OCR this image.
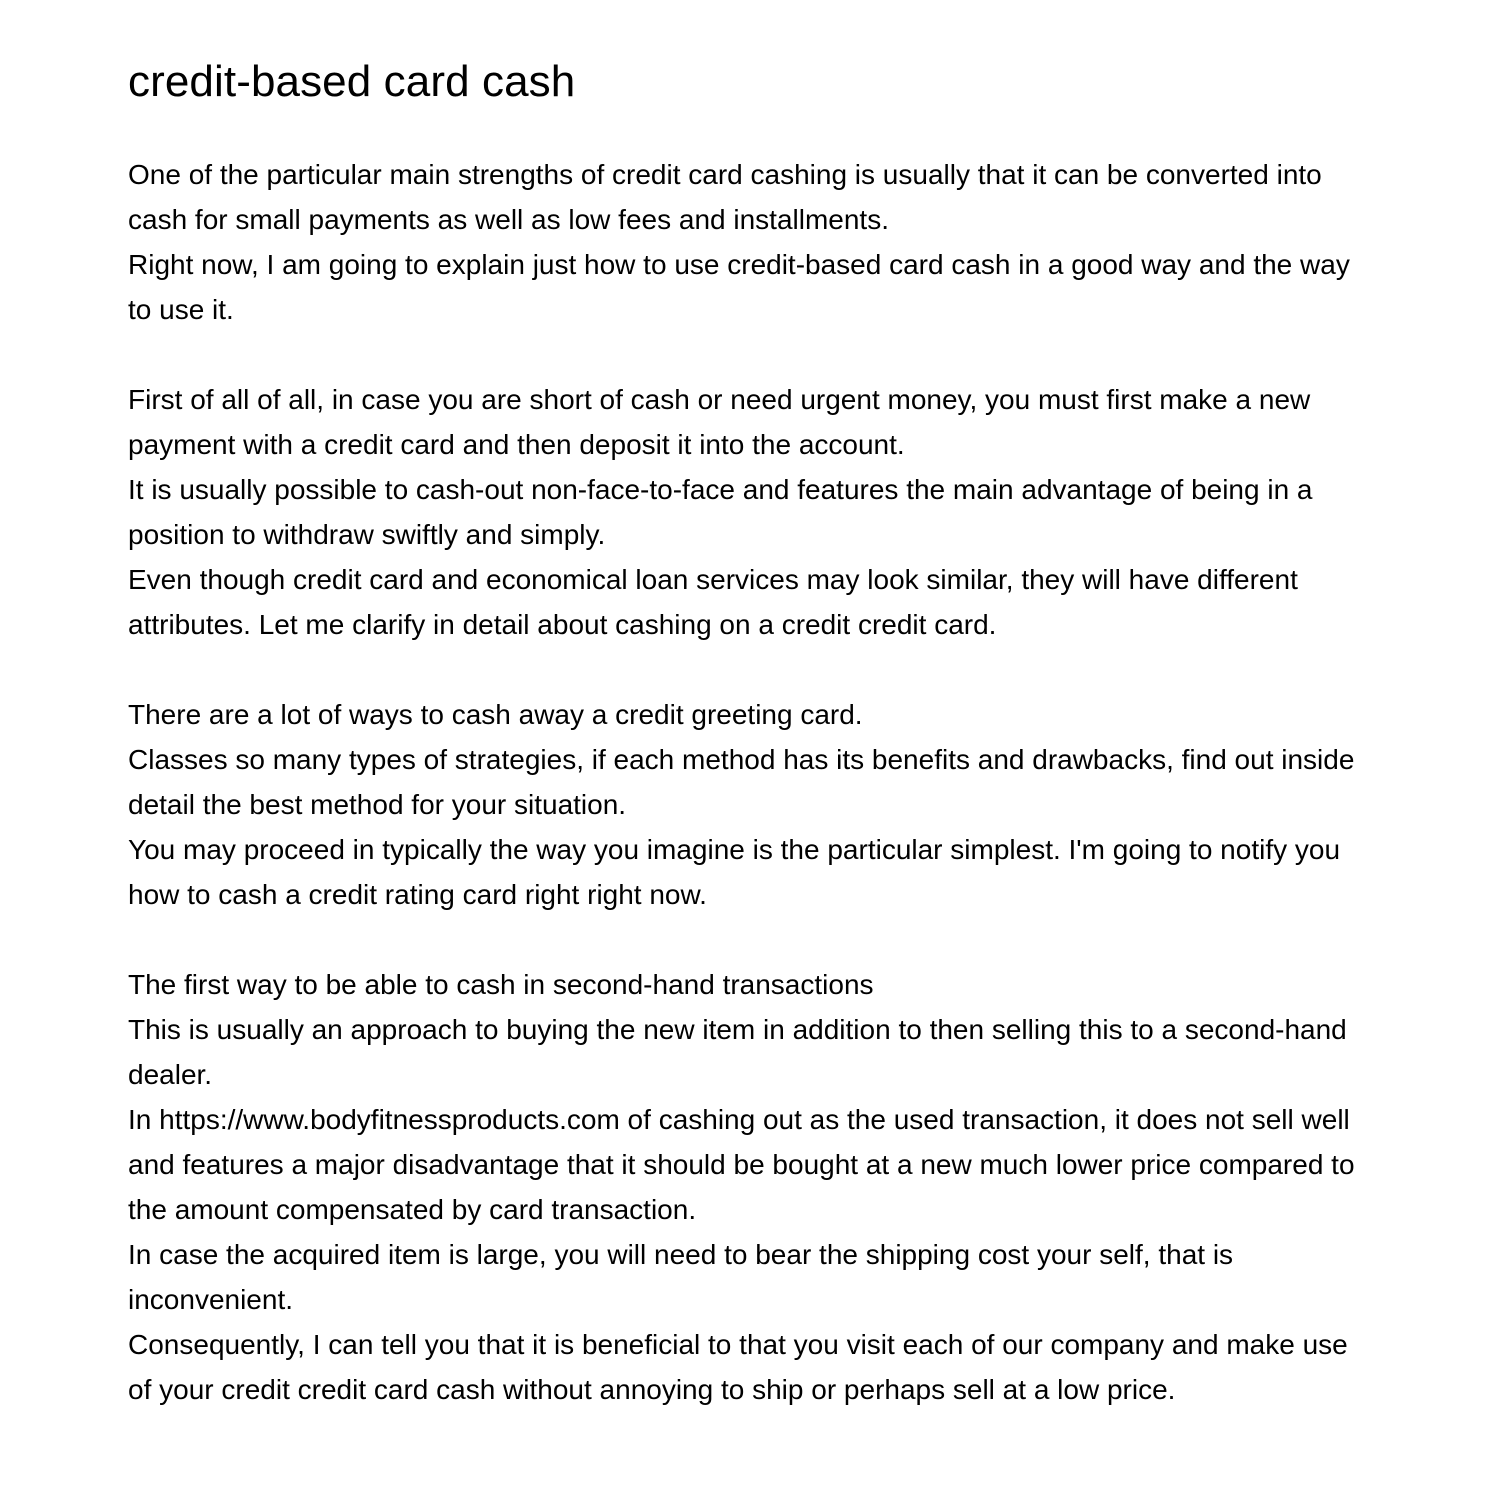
credit-based card cash

One of the particular main strengths of credit card cashing is usually that it can be converted into cash for small payments as well as low fees and installments.

Right now, I am going to explain just how to use credit-based card cash in a good way and the way to use it.

First of all of all, in case you are short of cash or need urgent money, you must first make a new payment with a credit card and then deposit it into the account.

It is usually possible to cash-out non-face-to-face and features the main advantage of being in a position to withdraw swiftly and simply.

Even though credit card and economical loan services may look similar, they will have different attributes. Let me clarify in detail about cashing on a credit credit card.

There are a lot of ways to cash away a credit greeting card.

Classes so many types of strategies, if each method has its benefits and drawbacks, find out inside detail the best method for your situation.

You may proceed in typically the way you imagine is the particular simplest. I'm going to notify you how to cash a credit rating card right right now.

The first way to be able to cash in second-hand transactions

This is usually an approach to buying the new item in addition to then selling this to a second-hand dealer.

In https://www.bodyfitnessproducts.com of cashing out as the used transaction, it does not sell well and features a major disadvantage that it should be bought at a new much lower price compared to the amount compensated by card transaction.

In case the acquired item is large, you will need to bear the shipping cost your self, that is inconvenient.

Consequently, I can tell you that it is beneficial to that you visit each of our company and make use of your credit credit card cash without annoying to ship or perhaps sell at a low price.
